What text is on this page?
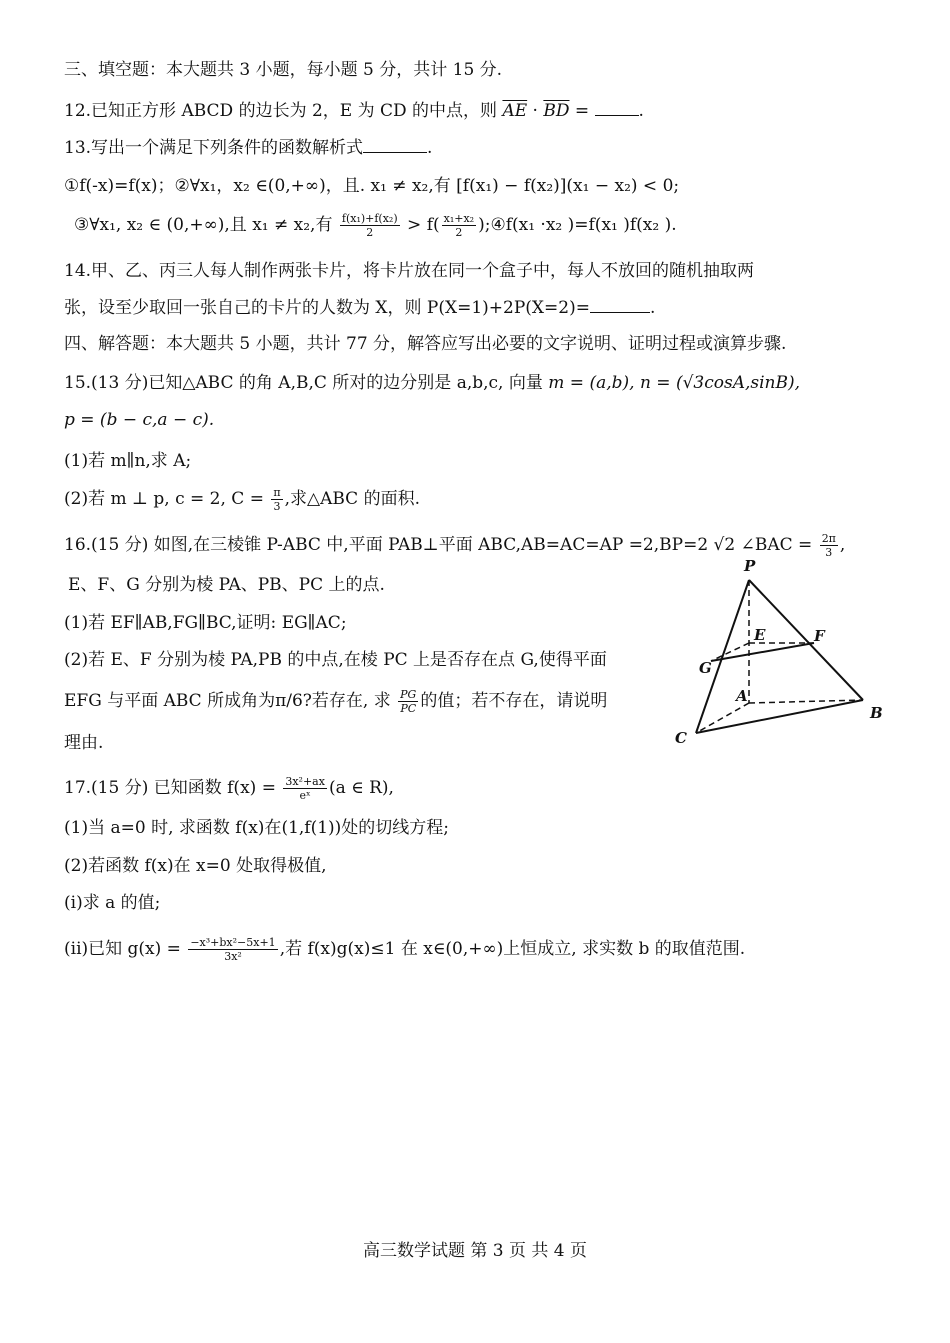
三、填空题：本大题共 3 小题，每小题 5 分，共计 15 分.
12.已知正方形 ABCD 的边长为 2，E 为 CD 的中点，则 $\overline{AE} \cdot \overline{BD}$ =	.
13.写出一个满足下列条件的函数解析式	.
①f(-x)=f(x)；②∀x₁，x₂ ∈(0,+∞)，且. x₁ ≠ x₂,有 [f(x₁) − f(x₂)](x₁ − x₂) < 0;
③∀x₁, x₂ ∈ (0,+∞),且 x₁ ≠ x₂,有 $\frac{\text{f(x₁)+f(x₂)}}{2} > f( \frac{\text{x₁+x₂}}{2}$ );④f(x₁ ·x₂ )=f(x₁ )f(x₂ ).
14.甲、乙、丙三人每人制作两张卡片，将卡片放在同一个盒子中，每人不放回的随机抽取两
张，设至少取回一张自己的卡片的人数为 X，则 P(X=1)+2P(X=2)=	.
四、解答题：本大题共 5 小题，共计 77 分，解答应写出必要的文字说明、证明过程或演算步骤.
15.(13 分)已知△ABC 的角 A,B,C 所对的边分别是 a,b,c, 向量 m = (a,b), n = (√3cosA,sinB),
p = (b − c,a − c).
(1)若 m∥n,求 A;
(2)若 m ⊥ p, c = 2, $C = \frac{\pi}{3}$ ,求△ABC 的面积.
16.(15 分) 如图,在三棱锥 P-ABC 中,平面 PAB⊥平面 ABC,AB=AC=AP =2,BP=2 √2 ∠BAC = $\frac{2\pi}{3}$ ,
E、F、G 分别为棱 PA、PB、PC 上的点.
(1)若 EF∥AB,FG∥BC,证明: EG∥AC;
(2)若 E、F 分别为棱 PA,PB 的中点,在棱 PC 上是否存在点 G,使得平面
EFG 与平面 ABC 所成角为π/6?若存在, 求 $\frac{PG}{PC}$ 的值；若不存在，请说明
理由.
P
E	F
G
A
B
C
17.(15 分) 已知函数 $f(x) = \frac{\text{3x²+ax}}{\text{eˣ}} (a$ ∈ R),
(1)当 a=0 时, 求函数 f(x)在(1,f(1))处的切线方程;
(2)若函数 f(x)在 x=0 处取得极值,
(i)求 a 的值;
(ii)已知 $g(x) = \frac{\text{−x³+bx²−5x+1}}{\text{3x²}}$ ,若 f(x)g(x)≤1 在 x∈(0,+∞)上恒成立, 求实数 b 的取值范围.
高三数学试题 第 3 页 共 4 页
